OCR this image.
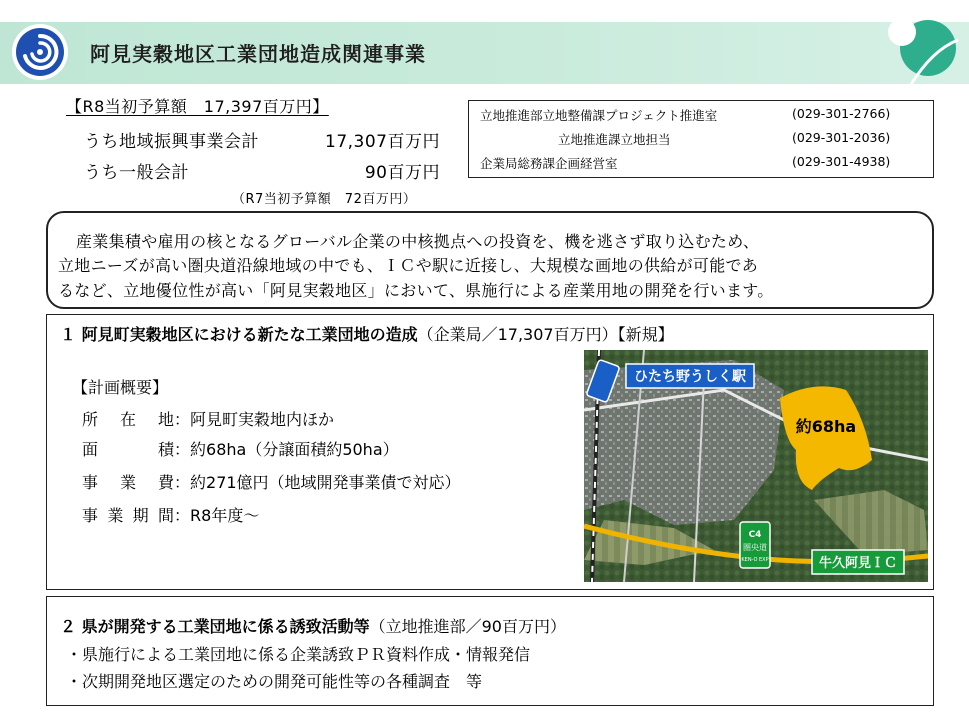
阿見実穀地区工業団地造成関連事業
【R8当初予算額　17,397百万円】
うち地域振興事業会計	17,307百万円
うち一般会計	90百万円
（R7当初予算額　72百万円）
立地推進部立地整備課プロジェクト推進室	(029-301-2766)
立地推進課立地担当	(029-301-2036)
企業局総務課企画経営室	(029-301-4938)
産業集積や雇用の核となるグローバル企業の中核拠点への投資を、機を逃さず取り込むため、
立地ニーズが高い圏央道沿線地域の中でも、ＩＣや駅に近接し、大規模な画地の供給が可能であ
るなど、立地優位性が高い「阿見実穀地区」において、県施行による産業用地の開発を行います。
１ 阿見町実穀地区における新たな工業団地の造成（企業局／17,307百万円）【新規】
【計画概要】
所在地：阿見町実穀地内ほか
面積：約68ha（分譲面積約50ha）
事業費：約271億円（地域開発事業債で対応）
事業期間：R8年度～
ひたち野うしく駅
約68ha
C4
圏央道
KEN-O EXP	牛久阿見ＩＣ
２ 県が開発する工業団地に係る誘致活動等（立地推進部／90百万円）
・県施行による工業団地に係る企業誘致ＰＲ資料作成・情報発信
・次期開発地区選定のための開発可能性等の各種調査　等
